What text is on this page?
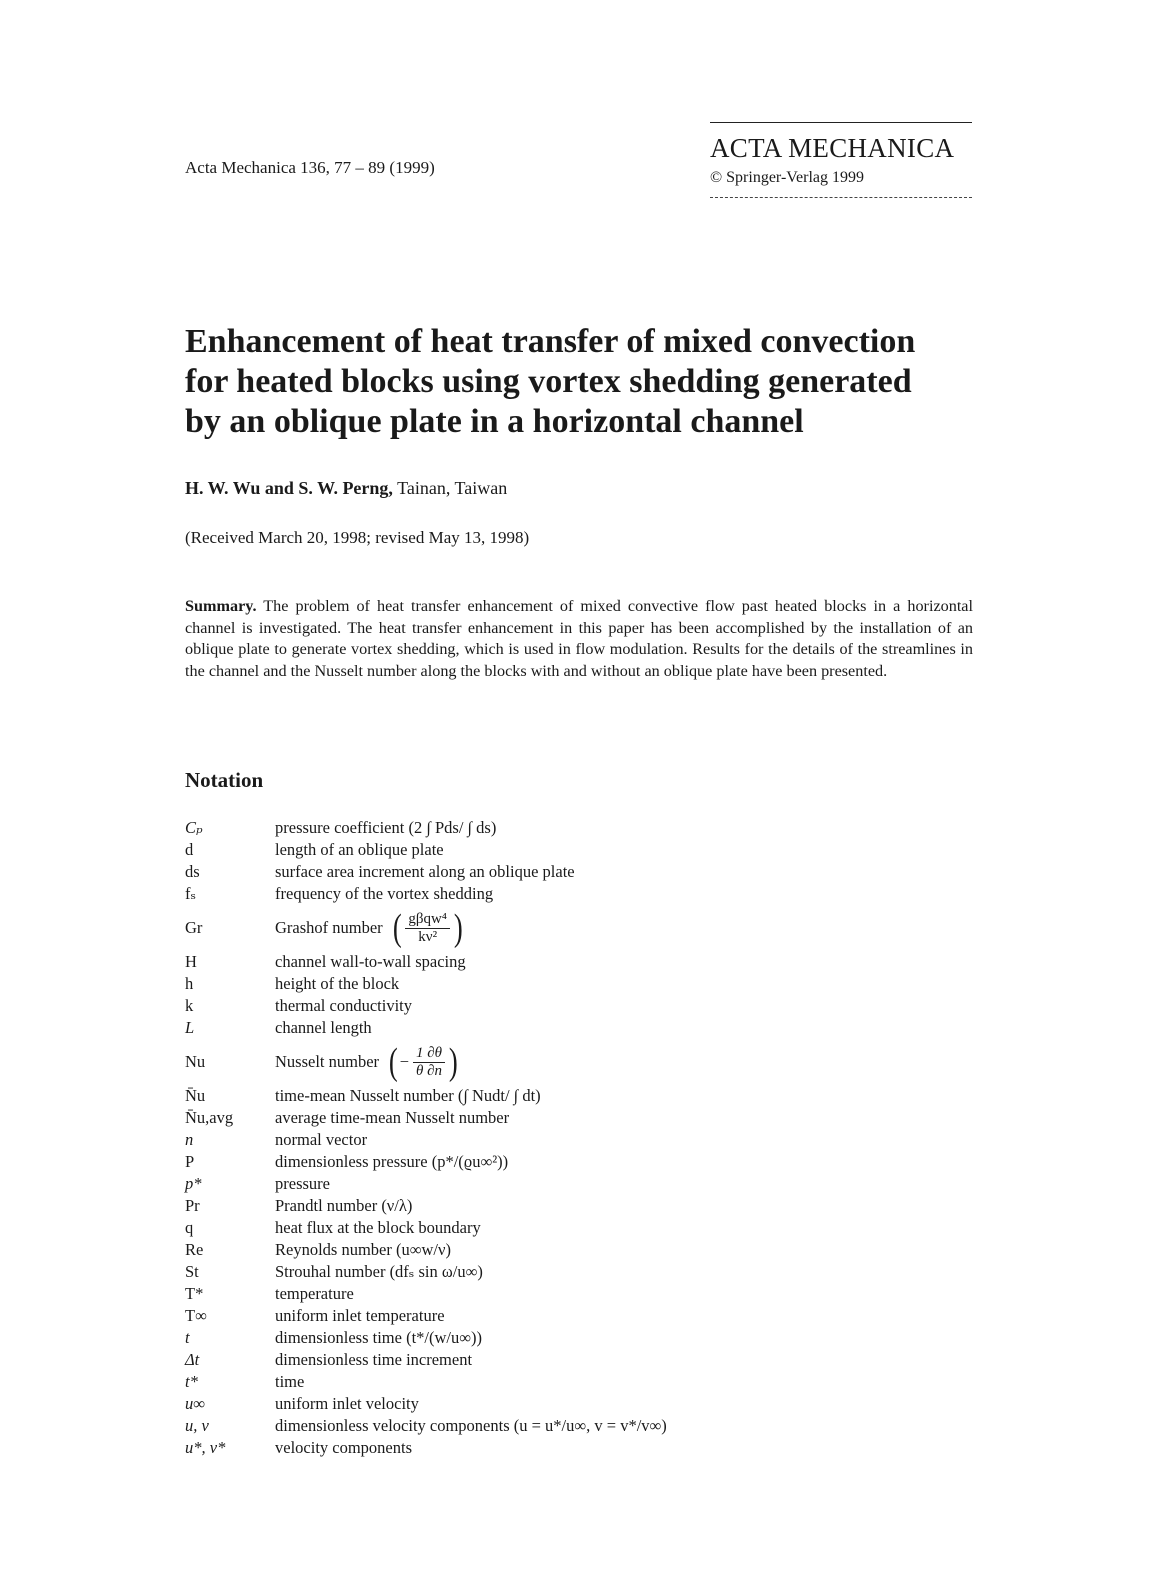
Acta Mechanica 136, 77 – 89 (1999)
ACTA MECHANICA
© Springer-Verlag 1999
Enhancement of heat transfer of mixed convection
for heated blocks using vortex shedding generated
by an oblique plate in a horizontal channel
H. W. Wu and S. W. Perng, Tainan, Taiwan
(Received March 20, 1998; revised May 13, 1998)

Summary. The problem of heat transfer enhancement of mixed convective flow past heated blocks in a horizontal channel is investigated. The heat transfer enhancement in this paper has been accomplished by the installation of an oblique plate to generate vortex shedding, which is used in flow modulation. Results for the details of the streamlines in the channel and the Nusselt number along the blocks with and without an oblique plate have been presented.

Notation
Cₚ	pressure coefficient (2 ∫ Pds/ ∫ ds)
d	length of an oblique plate
ds	surface area increment along an oblique plate
fₛ	frequency of the vortex shedding
Gr	Grashof number ( $\frac{\text{gβqw⁴}}{\text{kν²}}$ )
H	channel wall-to-wall spacing
h	height of the block
k	thermal conductivity
L	channel length
Nu	Nusselt number ( − $\frac{1 \partial\theta}{\theta \partial n}$ )
N̄u	time-mean Nusselt number (∫ Nudt/ ∫ dt)
N̄u,avg	average time-mean Nusselt number
n	normal vector
P	dimensionless pressure (p*/(ϱu∞²))
p*	pressure
Pr	Prandtl number (ν/λ)
q	heat flux at the block boundary
Re	Reynolds number (u∞w/ν)
St	Strouhal number (dfₛ sin ω/u∞)
T*	temperature
T∞	uniform inlet temperature
t	dimensionless time (t*/(w/u∞))
Δt	dimensionless time increment
t*	time
u∞	uniform inlet velocity
u, v	dimensionless velocity components (u = u*/u∞, v = v*/v∞)
u*, v*	velocity components
